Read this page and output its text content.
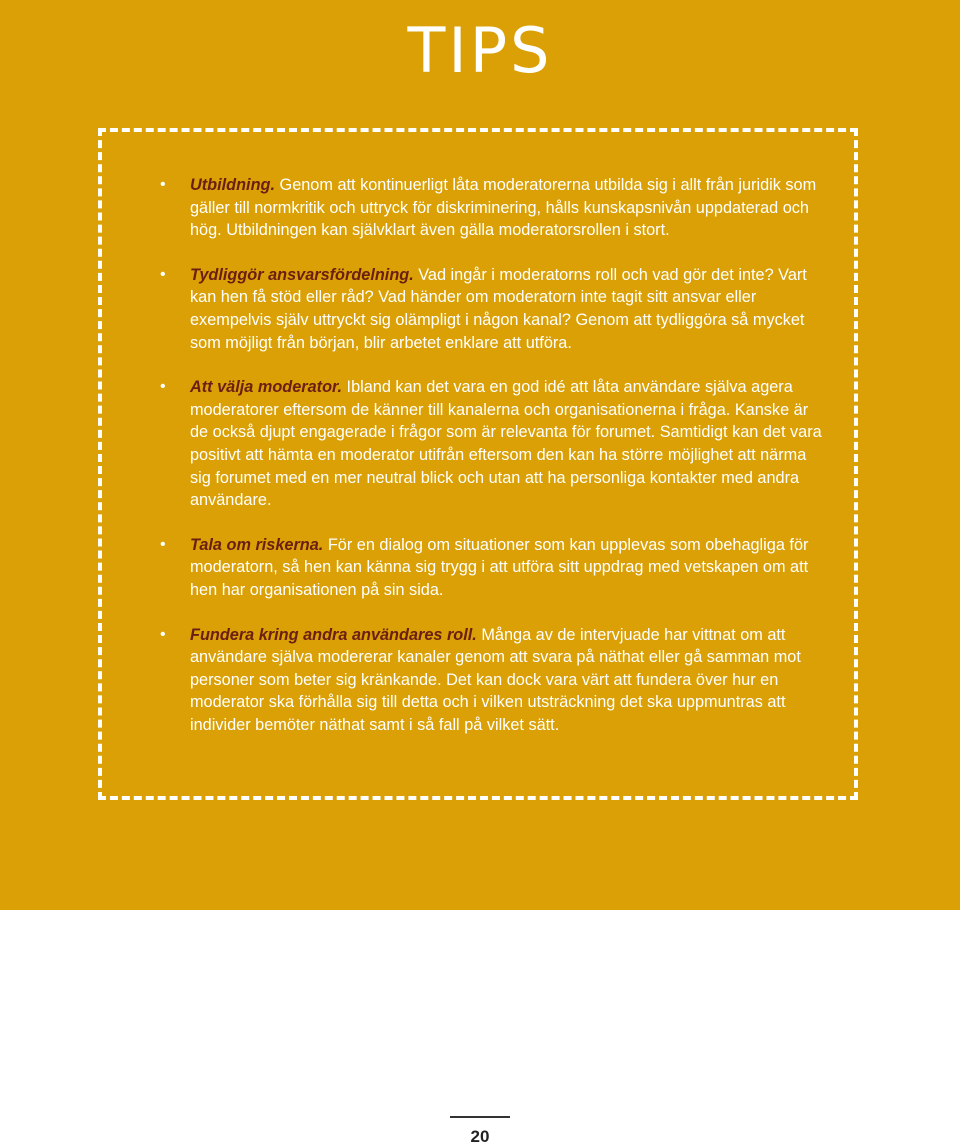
TIPS
• Utbildning. Genom att kontinuerligt låta moderatorerna utbilda sig i allt från juridik som gäller till normkritik och uttryck för diskriminering, hålls kunskapsnivån uppdaterad och hög. Utbildningen kan självklart även gälla moderatorsrollen i stort.
• Tydliggör ansvarsfördelning. Vad ingår i moderatorns roll och vad gör det inte? Vart kan hen få stöd eller råd? Vad händer om moderatorn inte tagit sitt ansvar eller exempelvis själv uttryckt sig olämpligt i någon kanal? Genom att tydliggöra så mycket som möjligt från början, blir arbetet enklare att utföra.
• Att välja moderator. Ibland kan det vara en god idé att låta användare själva agera moderatorer eftersom de känner till kanalerna och organisationerna i fråga. Kanske är de också djupt engagerade i frågor som är relevanta för forumet. Samtidigt kan det vara positivt att hämta en moderator utifrån eftersom den kan ha större möjlighet att närma sig forumet med en mer neutral blick och utan att ha personliga kontakter med andra användare.
• Tala om riskerna. För en dialog om situationer som kan upplevas som obehagliga för moderatorn, så hen kan känna sig trygg i att utföra sitt uppdrag med vetskapen om att hen har organisationen på sin sida.
• Fundera kring andra användares roll. Många av de intervjuade har vittnat om att användare själva modererar kanaler genom att svara på näthat eller gå samman mot personer som beter sig kränkande. Det kan dock vara värt att fundera över hur en moderator ska förhålla sig till detta och i vilken utsträckning det ska uppmuntras att individer bemöter näthat samt i så fall på vilket sätt.
20
